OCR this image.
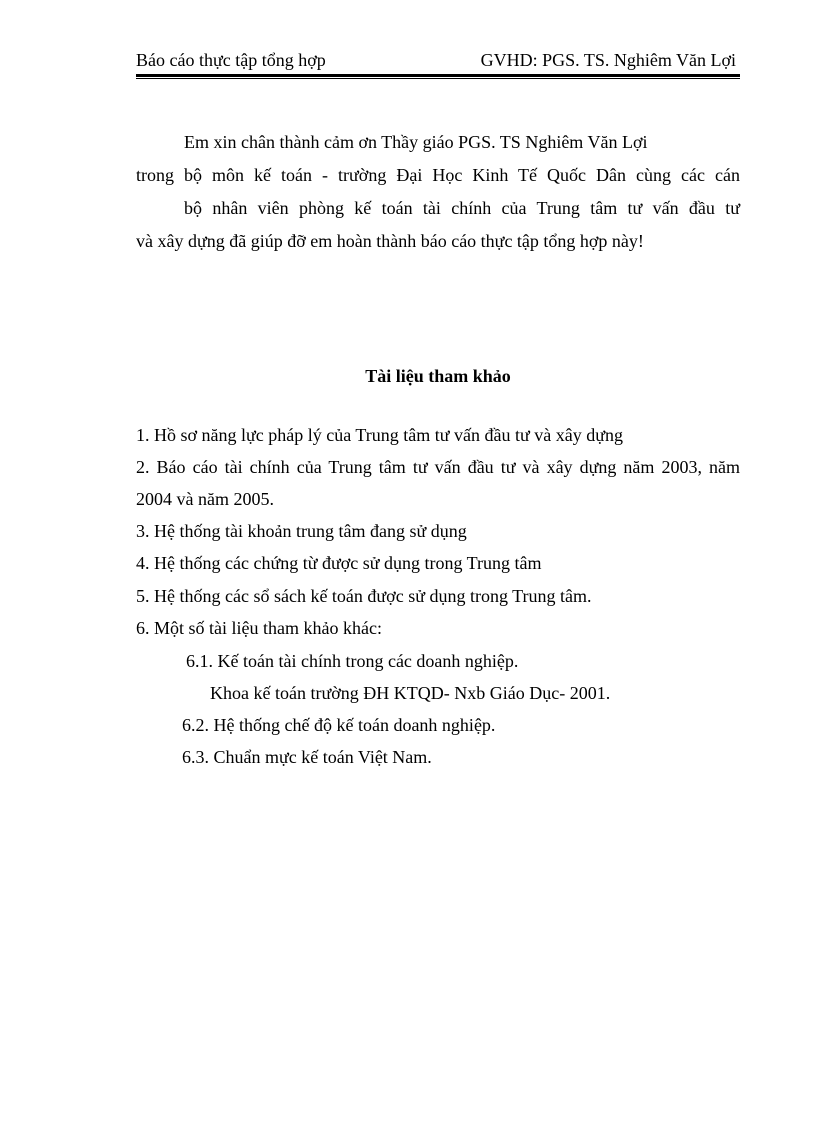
Báo cáo thực tập tổng hợp	GVHD: PGS. TS. Nghiêm Văn Lợi
Em xin chân thành cảm ơn Thầy giáo PGS. TS Nghiêm Văn Lợi
trong bộ môn kế toán - trường Đại Học Kinh Tế Quốc Dân cùng các cán
bộ nhân viên phòng kế toán tài chính của Trung tâm tư vấn đầu tư
và xây dựng đã giúp đỡ em hoàn thành báo cáo thực tập tổng hợp này!
Tài liệu tham khảo
1. Hồ sơ năng lực pháp lý của Trung tâm tư vấn đầu tư và xây dựng
2. Báo cáo tài chính của Trung tâm tư vấn đầu tư và xây dựng năm 2003, năm
2004 và năm 2005.
3. Hệ thống tài khoản trung tâm đang sử dụng
4. Hệ thống các chứng từ được sử dụng trong Trung tâm
5. Hệ thống các sổ sách kế toán được sử dụng trong Trung tâm.
6. Một số tài liệu tham khảo khác:
6.1. Kế toán tài chính trong các doanh nghiệp.
Khoa kế toán trường ĐH KTQD- Nxb Giáo Dục- 2001.
6.2. Hệ thống chế độ kế toán doanh nghiệp.
6.3. Chuẩn mực kế toán Việt Nam.
